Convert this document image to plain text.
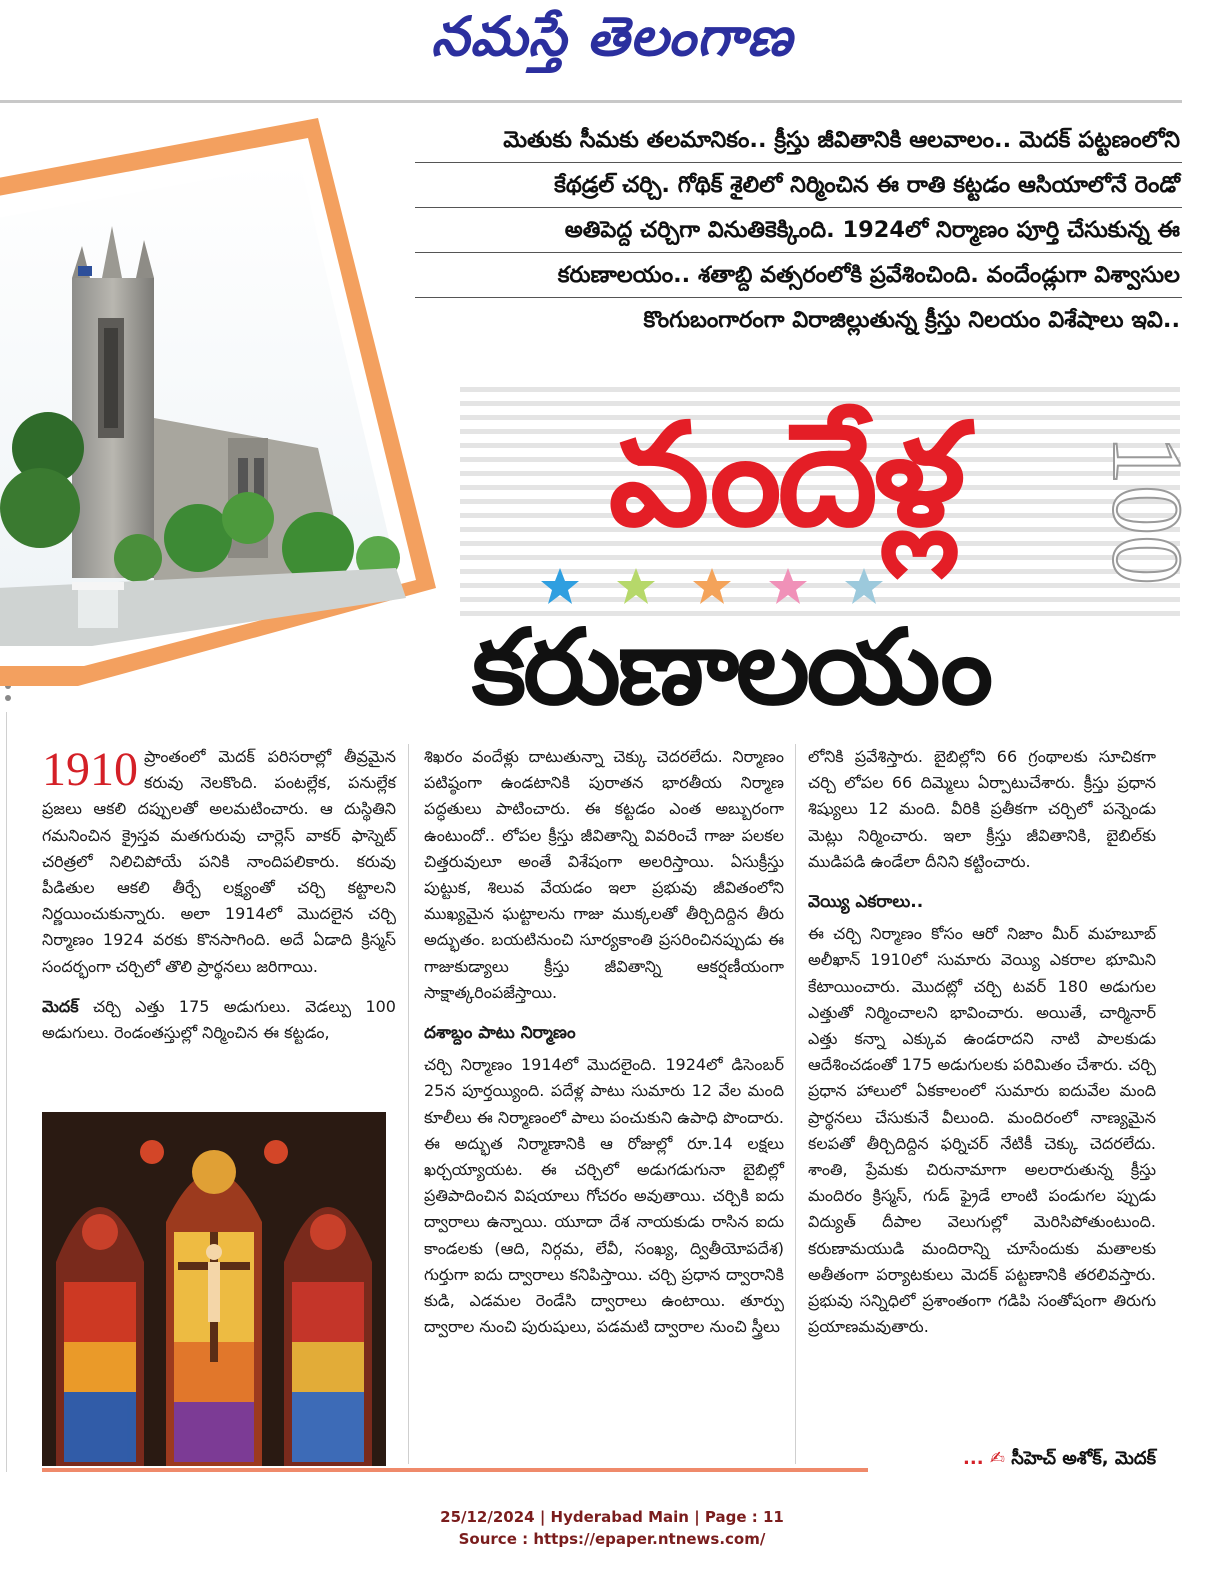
నమస్తే తెలంగాణ
మెతుకు సీమకు తలమానికం.. క్రీస్తు జీవితానికి ఆలవాలం.. మెదక్ పట్టణంలోని
కేథడ్రల్ చర్చి. గోథిక్ శైలిలో నిర్మించిన ఈ రాతి కట్టడం ఆసియాలోనే రెండో
అతిపెద్ద చర్చిగా వినుతికెక్కింది. 1924లో నిర్మాణం పూర్తి చేసుకున్న ఈ
కరుణాలయం.. శతాబ్ది వత్సరంలోకి ప్రవేశించింది. వందేండ్లుగా విశ్వాసుల
కొంగుబంగారంగా విరాజిల్లుతున్న క్రీస్తు నిలయం విశేషాలు ఇవి..
వందేళ్ల	100
కరుణాలయం

1910 ప్రాంతంలో మెదక్ పరిసరాల్లో తీవ్రమైన కరువు నెలకొంది. పంటల్లేక, పనుల్లేక ప్రజలు ఆకలి దప్పులతో అలమటించారు. ఆ దుస్థితిని గమనించిన క్రైస్తవ మతగురువు చార్లెస్ వాకర్ ఫాస్నెట్ చరిత్రలో నిలిచిపోయే పనికి నాందిపలికారు. కరువు పీడితుల ఆకలి తీర్చే లక్ష్యంతో చర్చి కట్టాలని నిర్ణయించుకున్నారు. అలా 1914లో మొదలైన చర్చి నిర్మాణం 1924 వరకు కొనసాగింది. అదే ఏడాది క్రిస్మస్ సందర్భంగా చర్చిలో తొలి ప్రార్థనలు జరిగాయి.

మెదక్ చర్చి ఎత్తు 175 అడుగులు. వెడల్పు 100 అడుగులు. రెండంతస్తుల్లో నిర్మించిన ఈ కట్టడం,

శిఖరం వందేళ్లు దాటుతున్నా చెక్కు చెదరలేదు. నిర్మాణం పటిష్ఠంగా ఉండటానికి పురాతన భారతీయ నిర్మాణ పద్ధతులు పాటించారు. ఈ కట్టడం ఎంత అబ్బురంగా ఉంటుందో.. లోపల క్రీస్తు జీవితాన్ని వివరించే గాజు పలకల చిత్తరువులూ అంతే విశేషంగా అలరిస్తాయి. ఏసుక్రీస్తు పుట్టుక, శిలువ వేయడం ఇలా ప్రభువు జీవితంలోని ముఖ్యమైన ఘట్టాలను గాజు ముక్కలతో తీర్చిదిద్దిన తీరు అద్భుతం. బయటినుంచి సూర్యకాంతి ప్రసరించినప్పుడు ఈ గాజుకుడ్యాలు క్రీస్తు జీవితాన్ని ఆకర్షణీయంగా సాక్షాత్కరింపజేస్తాయి.

దశాబ్దం పాటు నిర్మాణం

చర్చి నిర్మాణం 1914లో మొదలైంది. 1924లో డిసెంబర్ 25న పూర్తయ్యింది. పదేళ్ల పాటు సుమారు 12 వేల మంది కూలీలు ఈ నిర్మాణంలో పాలు పంచుకుని ఉపాధి పొందారు. ఈ అద్భుత నిర్మాణానికి ఆ రోజుల్లో రూ.14 లక్షలు ఖర్చయ్యాయట. ఈ చర్చిలో అడుగడుగునా బైబిల్లో ప్రతిపాదించిన విషయాలు గోచరం అవుతాయి. చర్చికి ఐదు ద్వారాలు ఉన్నాయి. యూదా దేశ నాయకుడు రాసిన ఐదు కాండలకు (ఆది, నిర్గమ, లేవీ, సంఖ్య, ద్వితీయోపదేశ) గుర్తుగా ఐదు ద్వారాలు కనిపిస్తాయి. చర్చి ప్రధాన ద్వారానికి కుడి, ఎడమల రెండేసి ద్వారాలు ఉంటాయి. తూర్పు ద్వారాల నుంచి పురుషులు, పడమటి ద్వారాల నుంచి స్త్రీలు

లోనికి ప్రవేశిస్తారు. బైబిల్లోని 66 గ్రంథాలకు సూచికగా చర్చి లోపల 66 దిమ్మెలు ఏర్పాటుచేశారు. క్రీస్తు ప్రధాన శిష్యులు 12 మంది. వీరికి ప్రతీకగా చర్చిలో పన్నెండు మెట్లు నిర్మించారు. ఇలా క్రీస్తు జీవితానికి, బైబిల్‌కు ముడిపడి ఉండేలా దీనిని కట్టించారు.

వెయ్యి ఎకరాలు..

ఈ చర్చి నిర్మాణం కోసం ఆరో నిజాం మీర్ మహబూబ్ అలీఖాన్ 1910లో సుమారు వెయ్యి ఎకరాల భూమిని కేటాయించారు. మొదట్లో చర్చి టవర్ 180 అడుగుల ఎత్తుతో నిర్మించాలని భావించారు. అయితే, చార్మినార్ ఎత్తు కన్నా ఎక్కువ ఉండరాదని నాటి పాలకుడు ఆదేశించడంతో 175 అడుగులకు పరిమితం చేశారు. చర్చి ప్రధాన హాలులో ఏకకాలంలో సుమారు ఐదువేల మంది ప్రార్థనలు చేసుకునే వీలుంది. మందిరంలో నాణ్యమైన కలపతో తీర్చిదిద్దిన ఫర్నిచర్ నేటికీ చెక్కు చెదరలేదు. శాంతి, ప్రేమకు చిరునామాగా అలరారుతున్న క్రీస్తు మందిరం క్రిస్మస్, గుడ్ ఫ్రైడే లాంటి పండుగల ప్పుడు విద్యుత్ దీపాల వెలుగుల్లో మెరిసిపోతుంటుంది. కరుణామయుడి మందిరాన్ని చూసేందుకు మతాలకు అతీతంగా పర్యాటకులు మెదక్ పట్టణానికి తరలివస్తారు. ప్రభువు సన్నిధిలో ప్రశాంతంగా గడిపి సంతోషంగా తిరుగు ప్రయాణమవుతారు.

... ✍ సీహెచ్ అశోక్, మెదక్
25/12/2024 | Hyderabad Main | Page : 11
Source : https://epaper.ntnews.com/
